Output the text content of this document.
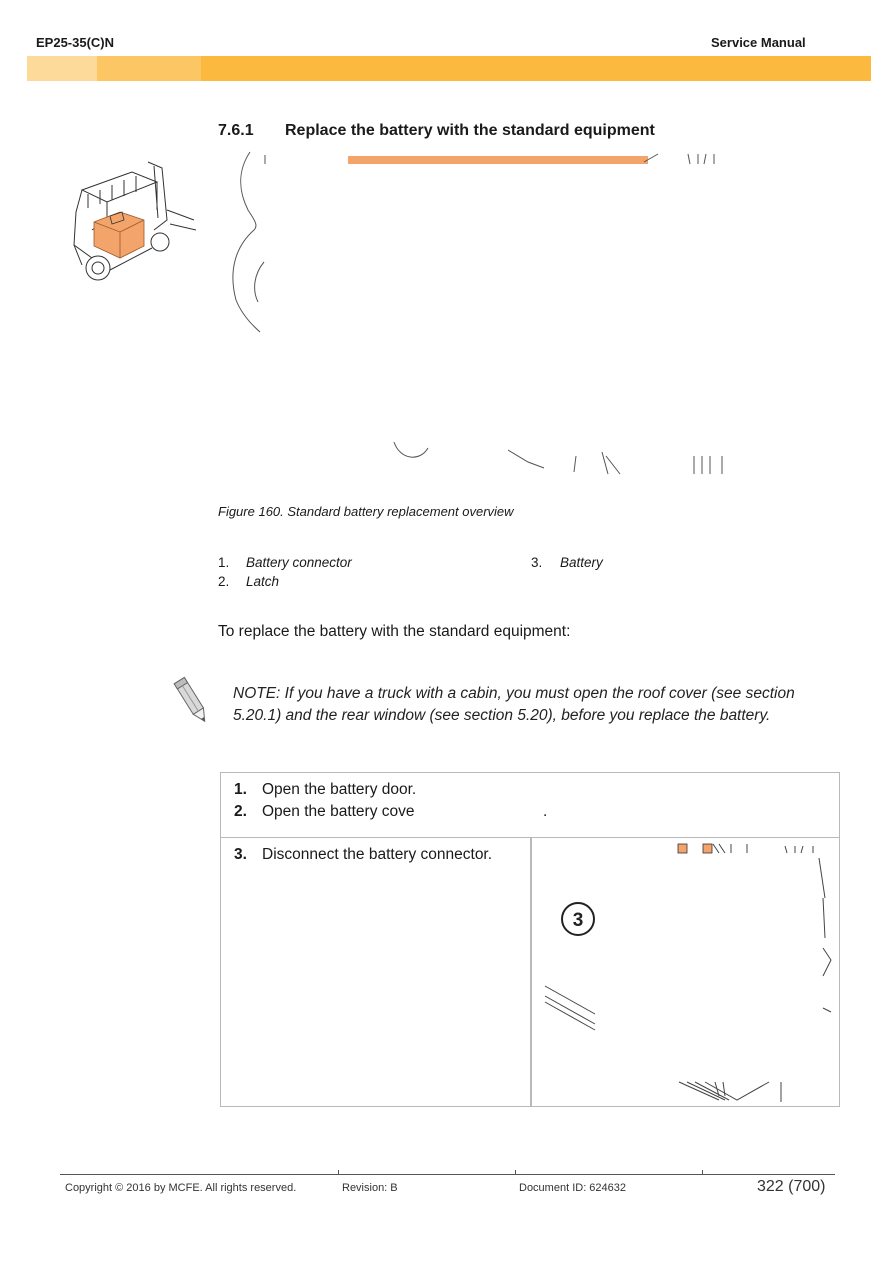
EP25-35(C)N	Service Manual
7.6.1 Replace the battery with the standard equipment
Figure 160. Standard battery replacement overview
1. Battery connector
2. Latch
3. Battery
To replace the battery with the standard equipment:
NOTE: If you have a truck with a cabin, you must open the roof cover (see section 5.20.1) and the rear window (see section 5.20), before you replace the battery.
1. Open the battery door.
2. Open the battery cove	.
3. Disconnect the battery connector.
3
Copyright © 2016 by MCFE. All rights reserved.	Revision: B	Document ID: 624632	322 (700)
